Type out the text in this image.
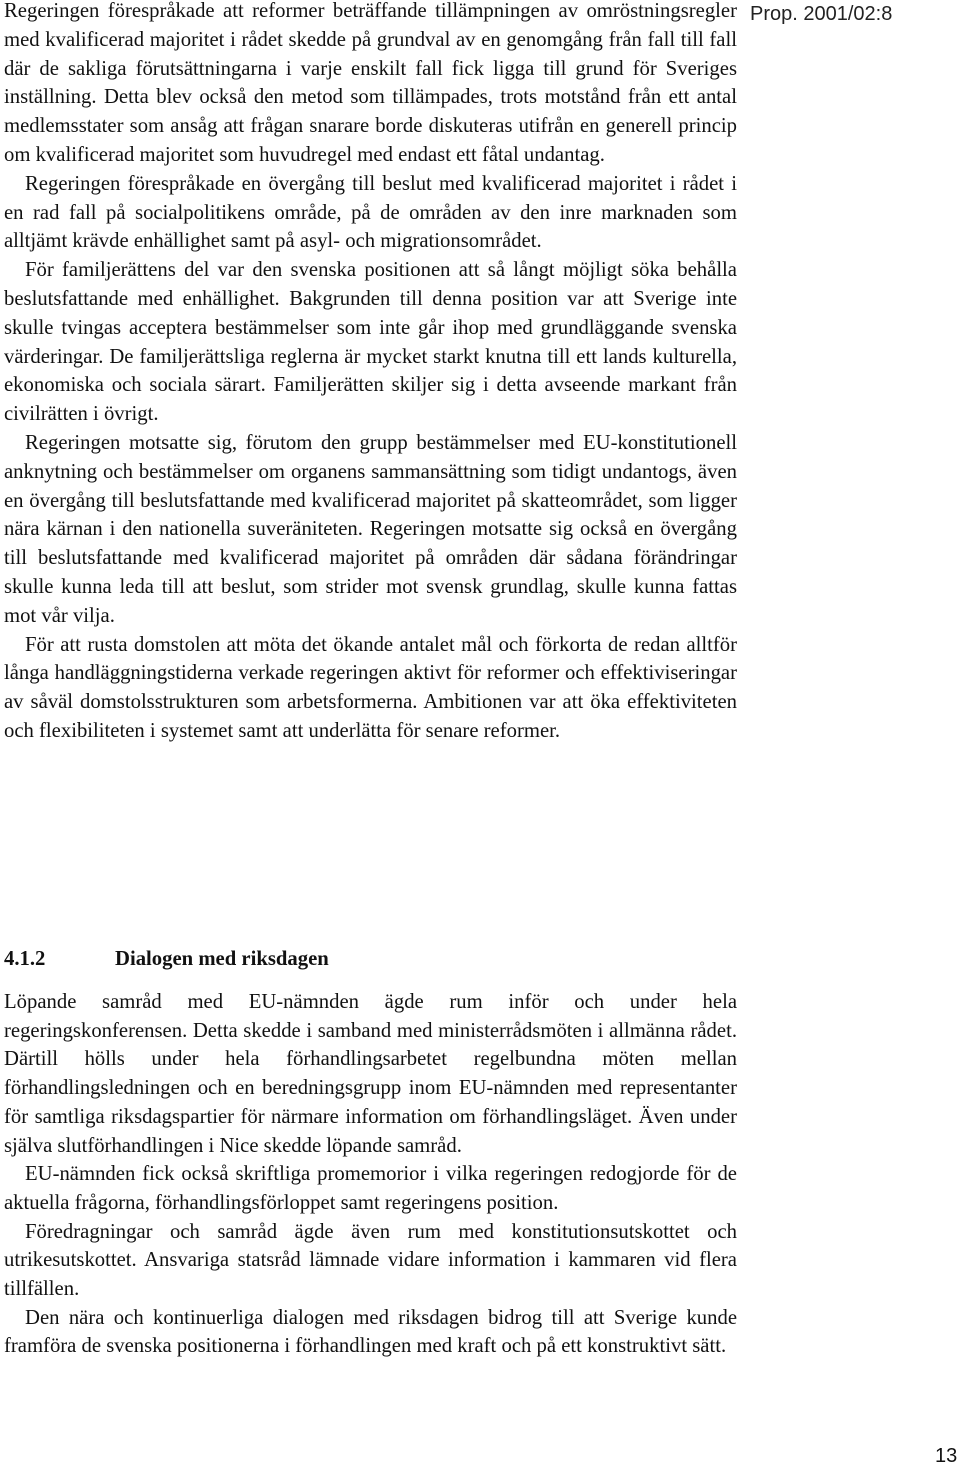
Prop. 2001/02:8

Regeringen förespråkade att reformer beträffande tillämpningen av omröstningsregler med kvalificerad majoritet i rådet skedde på grundval av en genomgång från fall till fall där de sakliga förutsättningarna i varje enskilt fall fick ligga till grund för Sveriges inställning. Detta blev också den metod som tillämpades, trots motstånd från ett antal medlemsstater som ansåg att frågan snarare borde diskuteras utifrån en generell princip om kvalificerad majoritet som huvudregel med endast ett fåtal undantag.

Regeringen förespråkade en övergång till beslut med kvalificerad majoritet i rådet i en rad fall på socialpolitikens område, på de områden av den inre marknaden som alltjämt krävde enhällighet samt på asyl- och migrationsområdet.

För familjerättens del var den svenska positionen att så långt möjligt söka behålla beslutsfattande med enhällighet. Bakgrunden till denna position var att Sverige inte skulle tvingas acceptera bestämmelser som inte går ihop med grundläggande svenska värderingar. De familjerättsliga reglerna är mycket starkt knutna till ett lands kulturella, ekonomiska och sociala särart. Familjerätten skiljer sig i detta avseende markant från civilrätten i övrigt.

Regeringen motsatte sig, förutom den grupp bestämmelser med EU-konstitutionell anknytning och bestämmelser om organens sammansättning som tidigt undantogs, även en övergång till beslutsfattande med kvalificerad majoritet på skatteområdet, som ligger nära kärnan i den nationella suveräniteten. Regeringen motsatte sig också en övergång till beslutsfattande med kvalificerad majoritet på områden där sådana förändringar skulle kunna leda till att beslut, som strider mot svensk grundlag, skulle kunna fattas mot vår vilja.

För att rusta domstolen att möta det ökande antalet mål och förkorta de redan alltför långa handläggningstiderna verkade regeringen aktivt för reformer och effektiviseringar av såväl domstolsstrukturen som arbetsformerna. Ambitionen var att öka effektiviteten och flexibiliteten i systemet samt att underlätta för senare reformer.

4.1.2	Dialogen med riksdagen

Löpande samråd med EU-nämnden ägde rum inför och under hela regeringskonferensen. Detta skedde i samband med ministerrådsmöten i allmänna rådet. Därtill hölls under hela förhandlingsarbetet regelbundna möten mellan förhandlingsledningen och en beredningsgrupp inom EU-nämnden med representanter för samtliga riksdagspartier för närmare information om förhandlingsläget. Även under själva slutförhandlingen i Nice skedde löpande samråd.

EU-nämnden fick också skriftliga promemorior i vilka regeringen redogjorde för de aktuella frågorna, förhandlingsförloppet samt regeringens position.

Föredragningar och samråd ägde även rum med konstitutionsutskottet och utrikesutskottet. Ansvariga statsråd lämnade vidare information i kammaren vid flera tillfällen.

Den nära och kontinuerliga dialogen med riksdagen bidrog till att Sverige kunde framföra de svenska positionerna i förhandlingen med kraft och på ett konstruktivt sätt.

13
